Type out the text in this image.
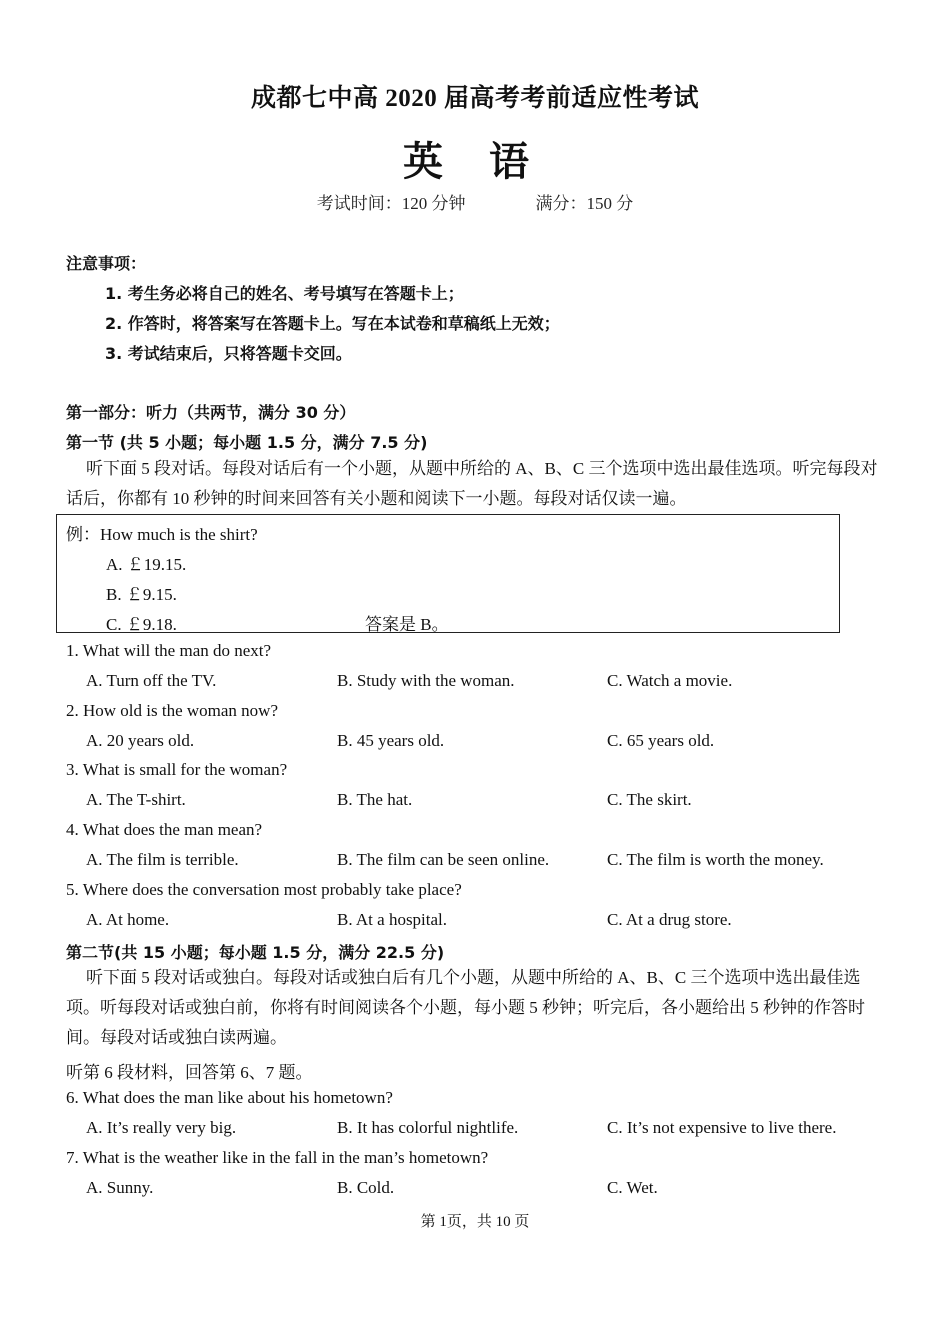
成都七中高 2020 届高考考前适应性考试
英 语
考试时间：120 分钟	满分：150 分
注意事项：
1. 考生务必将自己的姓名、考号填写在答题卡上；
2. 作答时，将答案写在答题卡上。写在本试卷和草稿纸上无效；
3. 考试结束后，只将答题卡交回。
第一部分：听力（共两节，满分 30 分）
第一节 (共 5 小题；每小题 1.5 分，满分 7.5 分)
听下面 5 段对话。每段对话后有一个小题，从题中所给的 A、B、C 三个选项中选出最佳选项。听完每段对话后，你都有 10 秒钟的时间来回答有关小题和阅读下一小题。每段对话仅读一遍。
例：How much is the shirt?
A. ￡19.15.
B. ￡9.15.
C. ￡9.18.	答案是 B。
1. What will the man do next?
A. Turn off the TV.	B. Study with the woman.	C. Watch a movie.
2. How old is the woman now?
A. 20 years old.	B. 45 years old.	C. 65 years old.
3. What is small for the woman?
A. The T-shirt.	B. The hat.	C. The skirt.
4. What does the man mean?
A. The film is terrible.	B. The film can be seen online.	C. The film is worth the money.
5. Where does the conversation most probably take place?
A. At home.	B. At a hospital.	C. At a drug store.
第二节(共 15 小题；每小题 1.5 分，满分 22.5 分)
听下面 5 段对话或独白。每段对话或独白后有几个小题，从题中所给的 A、B、C 三个选项中选出最佳选项。听每段对话或独白前，你将有时间阅读各个小题，每小题 5 秒钟；听完后，各小题给出 5 秒钟的作答时间。每段对话或独白读两遍。
听第 6 段材料，回答第 6、7 题。
6. What does the man like about his hometown?
A. It’s really very big.	B. It has colorful nightlife.	C. It’s not expensive to live there.
7. What is the weather like in the fall in the man’s hometown?
A. Sunny.	B. Cold.	C. Wet.
第 1页，共 10 页
